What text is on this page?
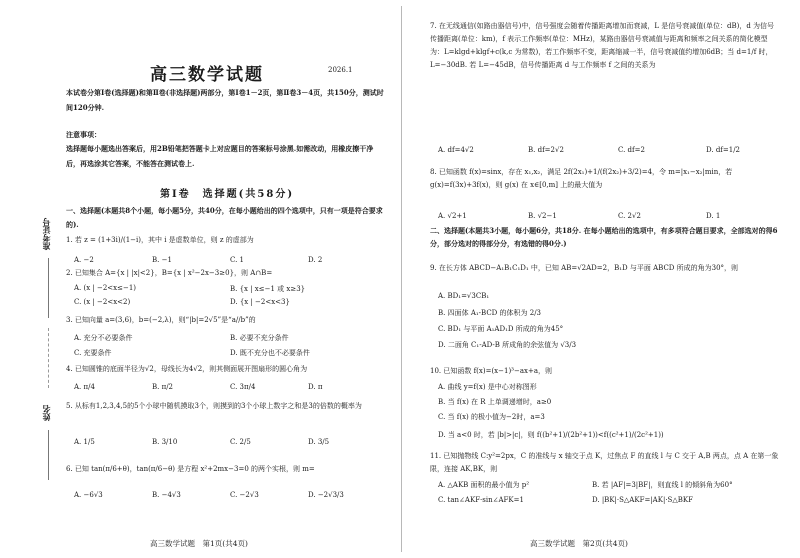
准考证号
姓名
高三数学试题	2026.1

本试卷分第Ⅰ卷(选择题)和第Ⅱ卷(非选择题)两部分，第Ⅰ卷1－2页，第Ⅱ卷3－4页，共150分，测试时间120分钟.

注意事项：

选择题每小题选出答案后，用2B铅笔把答题卡上对应题目的答案标号涂黑.如需改动，用橡皮擦干净后，再选涂其它答案，不能答在测试卷上.

第Ⅰ卷　选择题(共58分)

一、选择题(本题共8个小题，每小题5分，共40分，在每小题给出的四个选项中，只有一项是符合要求的).

1. 若 z = (1+3i)/(1−i)，其中 i 是虚数单位，则 z 的虚部为
A. −2	B. −1	C. 1	D. 2
2. 已知集合 A={x | |x|<2}，B={x | x²−2x−3≥0}，则 A∩B=
A. (x | −2<x≤−1)	B. {x | x≤−1 或 x≥3}
C. (x | −2<x<2)	D. {x | −2<x<3}
3. 已知向量 a=(3,6)，b=(−2,λ)，则“|b|=2√5”是“a//b”的
A. 充分不必要条件	B. 必要不充分条件
C. 充要条件	D. 既不充分也不必要条件
4. 已知圆锥的底面半径为√2，母线长为4√2，则其侧面展开图扇形的圆心角为
A. π/4	B. π/2	C. 3π/4	D. π
5. 从标有1,2,3,4,5的5个小球中随机摸取3个，则摸到的3个小球上数字之和是3的倍数的概率为
A. 1/5	B. 3/10	C. 2/5	D. 3/5
6. 已知 tan(π/6+θ)，tan(π/6−θ) 是方程 x²+2mx−3=0 的两个实根，则 m=
A. −6√3	B. −4√3	C. −2√3	D. −2√3/3
高三数学试题　第1页(共4页)
7. 在无线通信(如路由器信号)中，信号强度会随着传播距离增加而衰减，L 是信号衰减值(单位：dB)，d 为信号传播距离(单位：km)，f 表示工作频率(单位：MHz)，某路由器信号衰减值与距离和频率之间关系的简化模型为：L=klgd+klgf+c(k,c 为常数)，若工作频率不变，距离缩减一半，信号衰减值约增加6dB；当 d=1/f 时，L=−30dB. 若 L=−45dB，信号传播距离 d 与工作频率 f 之间的关系为
A. df=4√2	B. df=2√2	C. df=2	D. df=1/2
8. 已知函数 f(x)=sinx，存在 x₁,x₂，满足 2f(2x₁)+1/(f(2x₂)+3/2)=4，令 m=|x₁−x₂|min，若 g(x)=f(3x)+3f(x)，则 g(x) 在 x∈[0,m] 上的最大值为
A. √2+1	B. √2−1	C. 2√2	D. 1

二、选择题(本题共3小题，每小题6分，共18分. 在每小题给出的选项中，有多项符合题目要求，全部选对的得6分，部分选对的得部分分，有选错的得0分.)

9. 在长方体 ABCD−A₁B₁C₁D₁ 中，已知 AB=√2AD=2，B₁D 与平面 ABCD 所成的角为30°，则
A. BD₁=√3CB₁
B. 四面体 A₁-BCD 的体积为 2/3
C. BD₁ 与平面 A₁AD₁D 所成的角为45°
D. 二面角 C₁-AD-B 所成角的余弦值为 √3/3
10. 已知函数 f(x)=(x−1)³−ax+a，则
A. 曲线 y=f(x) 是中心对称图形
B. 当 f(x) 在 R 上单调递增时，a≥0
C. 当 f(x) 的极小值为−2时，a=3
D. 当 a<0 时，若 |b|>|c|，则 f((b²+1)/(2b²+1))<f((c²+1)/(2c²+1))
11. 已知抛物线 C:y²=2px，C 的准线与 x 轴交于点 K，过焦点 F 的直线 l 与 C 交于 A,B 两点，点 A 在第一象限，连接 AK,BK，则
A. △AKB 面积的最小值为 p²	B. 若 |AF|=3|BF|，则直线 l 的倾斜角为60°
C. tan∠AKF·sin∠AFK=1	D. |BK|·S△AKF=|AK|·S△BKF
高三数学试题　第2页(共4页)
